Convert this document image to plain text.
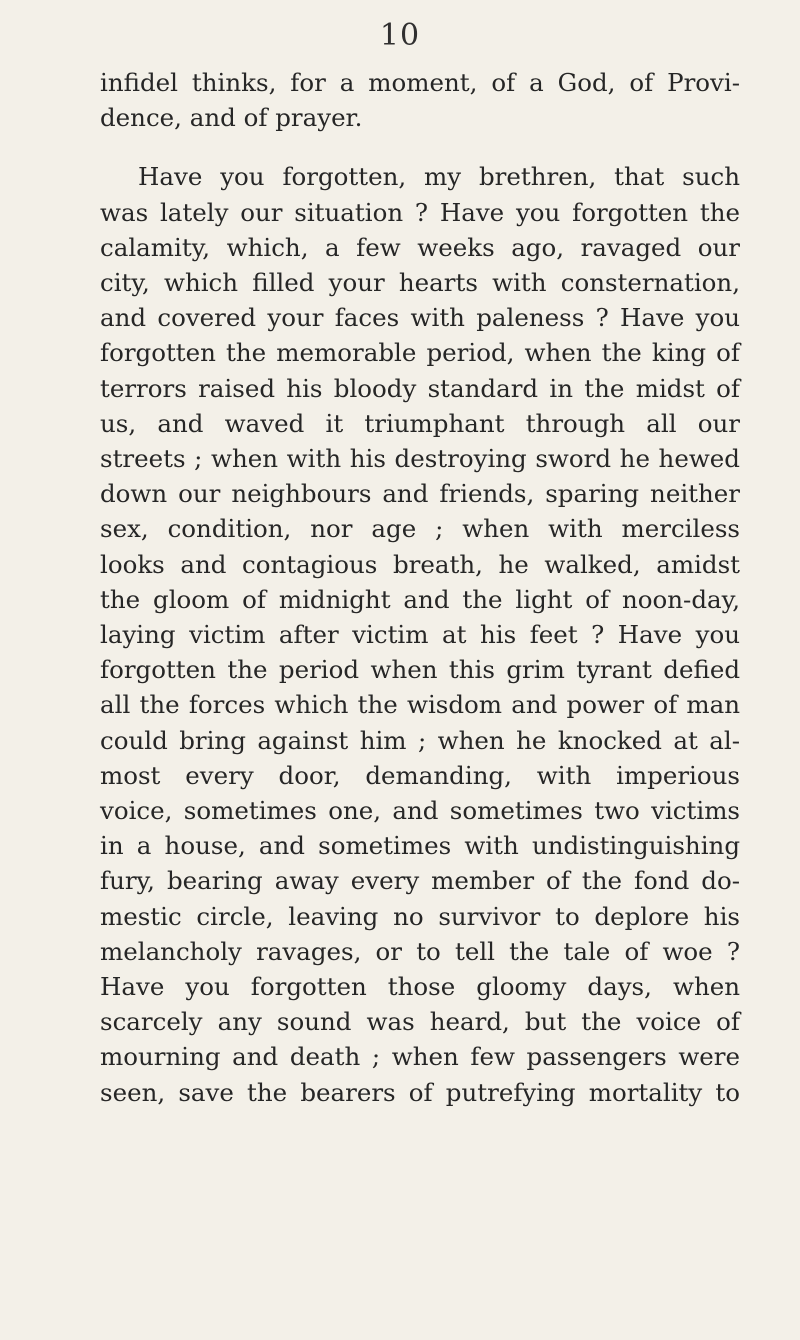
10
infidel thinks, for a moment, of a God, of Provi-
dence, and of prayer.
Have you forgotten, my brethren, that such
was lately our situation ? Have you forgotten the
calamity, which, a few weeks ago, ravaged our
city, which filled your hearts with consternation,
and covered your faces with paleness ? Have you
forgotten the memorable period, when the king of
terrors raised his bloody standard in the midst of
us, and waved it triumphant through all our
streets ; when with his destroying sword he hewed
down our neighbours and friends, sparing neither
sex, condition, nor age ; when with merciless
looks and contagious breath, he walked, amidst
the gloom of midnight and the light of noon-day,
laying victim after victim at his feet ? Have you
forgotten the period when this grim tyrant defied
all the forces which the wisdom and power of man
could bring against him ; when he knocked at al-
most every door, demanding, with imperious
voice, sometimes one, and sometimes two victims
in a house, and sometimes with undistinguishing
fury, bearing away every member of the fond do-
mestic circle, leaving no survivor to deplore his
melancholy ravages, or to tell the tale of woe ?
Have you forgotten those gloomy days, when
scarcely any sound was heard, but the voice of
mourning and death ; when few passengers were
seen, save the bearers of putrefying mortality to
